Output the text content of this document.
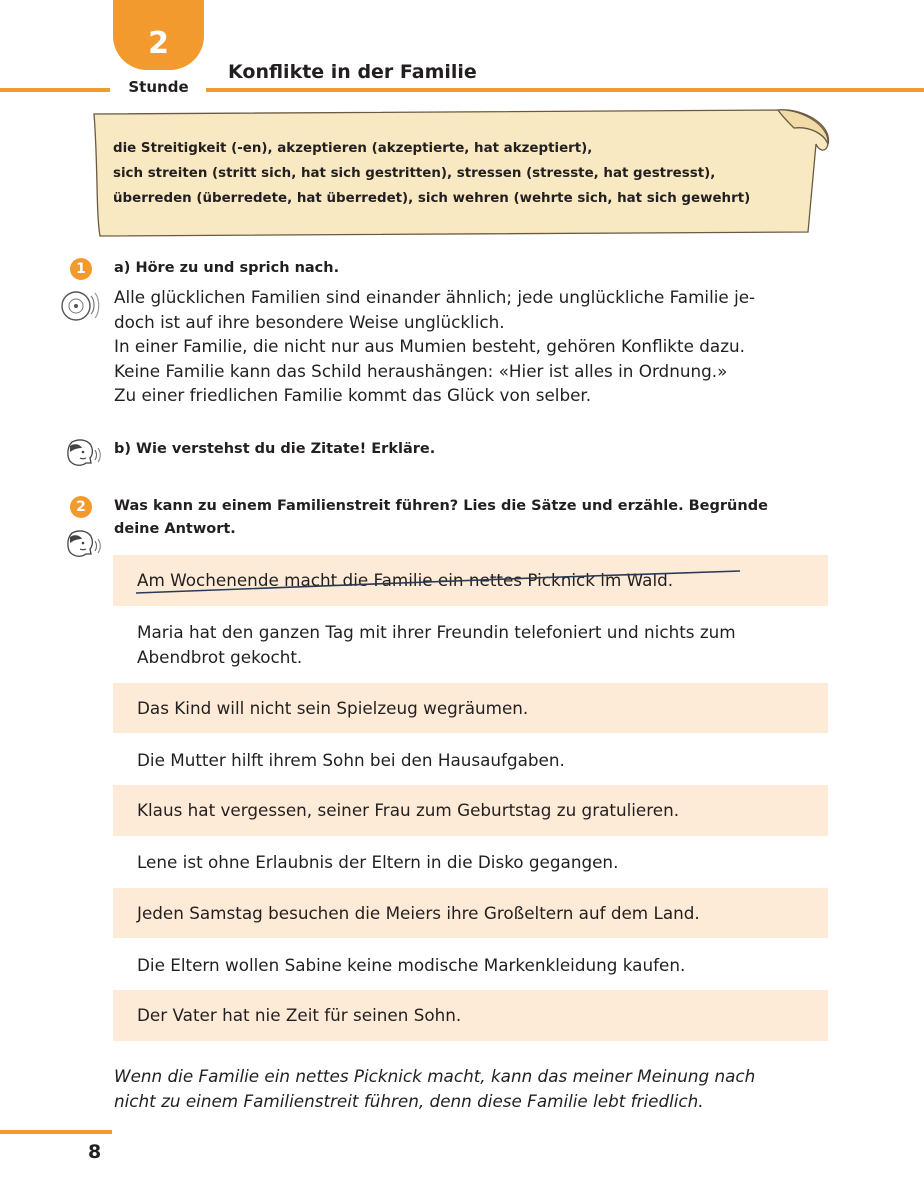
2
Stunde
Konflikte in der Familie
die Streitigkeit (-en), akzeptieren (akzeptierte, hat akzeptiert),
sich streiten (stritt sich, hat sich gestritten), stressen (stresste, hat gestresst),
überreden (überredete, hat überredet), sich wehren (wehrte sich, hat sich gewehrt)
1	a) Höre zu und sprich nach.
Alle glücklichen Familien sind einander ähnlich; jede unglückliche Familie je-
doch ist auf ihre besondere Weise unglücklich.
In einer Familie, die nicht nur aus Mumien besteht, gehören Konflikte dazu.
Keine Familie kann das Schild heraushängen: «Hier ist alles in Ordnung.»
Zu einer friedlichen Familie kommt das Glück von selber.
b) Wie verstehst du die Zitate! Erkläre.
2	Was kann zu einem Familienstreit führen? Lies die Sätze und erzähle. Begründe
deine Antwort.
Am Wochenende macht die Familie ein nettes Picknick im Wald.
Maria hat den ganzen Tag mit ihrer Freundin telefoniert und nichts zum
Abendbrot gekocht.
Das Kind will nicht sein Spielzeug wegräumen.
Die Mutter hilft ihrem Sohn bei den Hausaufgaben.
Klaus hat vergessen, seiner Frau zum Geburtstag zu gratulieren.
Lene ist ohne Erlaubnis der Eltern in die Disko gegangen.
Jeden Samstag besuchen die Meiers ihre Großeltern auf dem Land.
Die Eltern wollen Sabine keine modische Markenkleidung kaufen.
Der Vater hat nie Zeit für seinen Sohn.
Wenn die Familie ein nettes Picknick macht, kann das meiner Meinung nach
nicht zu einem Familienstreit führen, denn diese Familie lebt friedlich.
8
